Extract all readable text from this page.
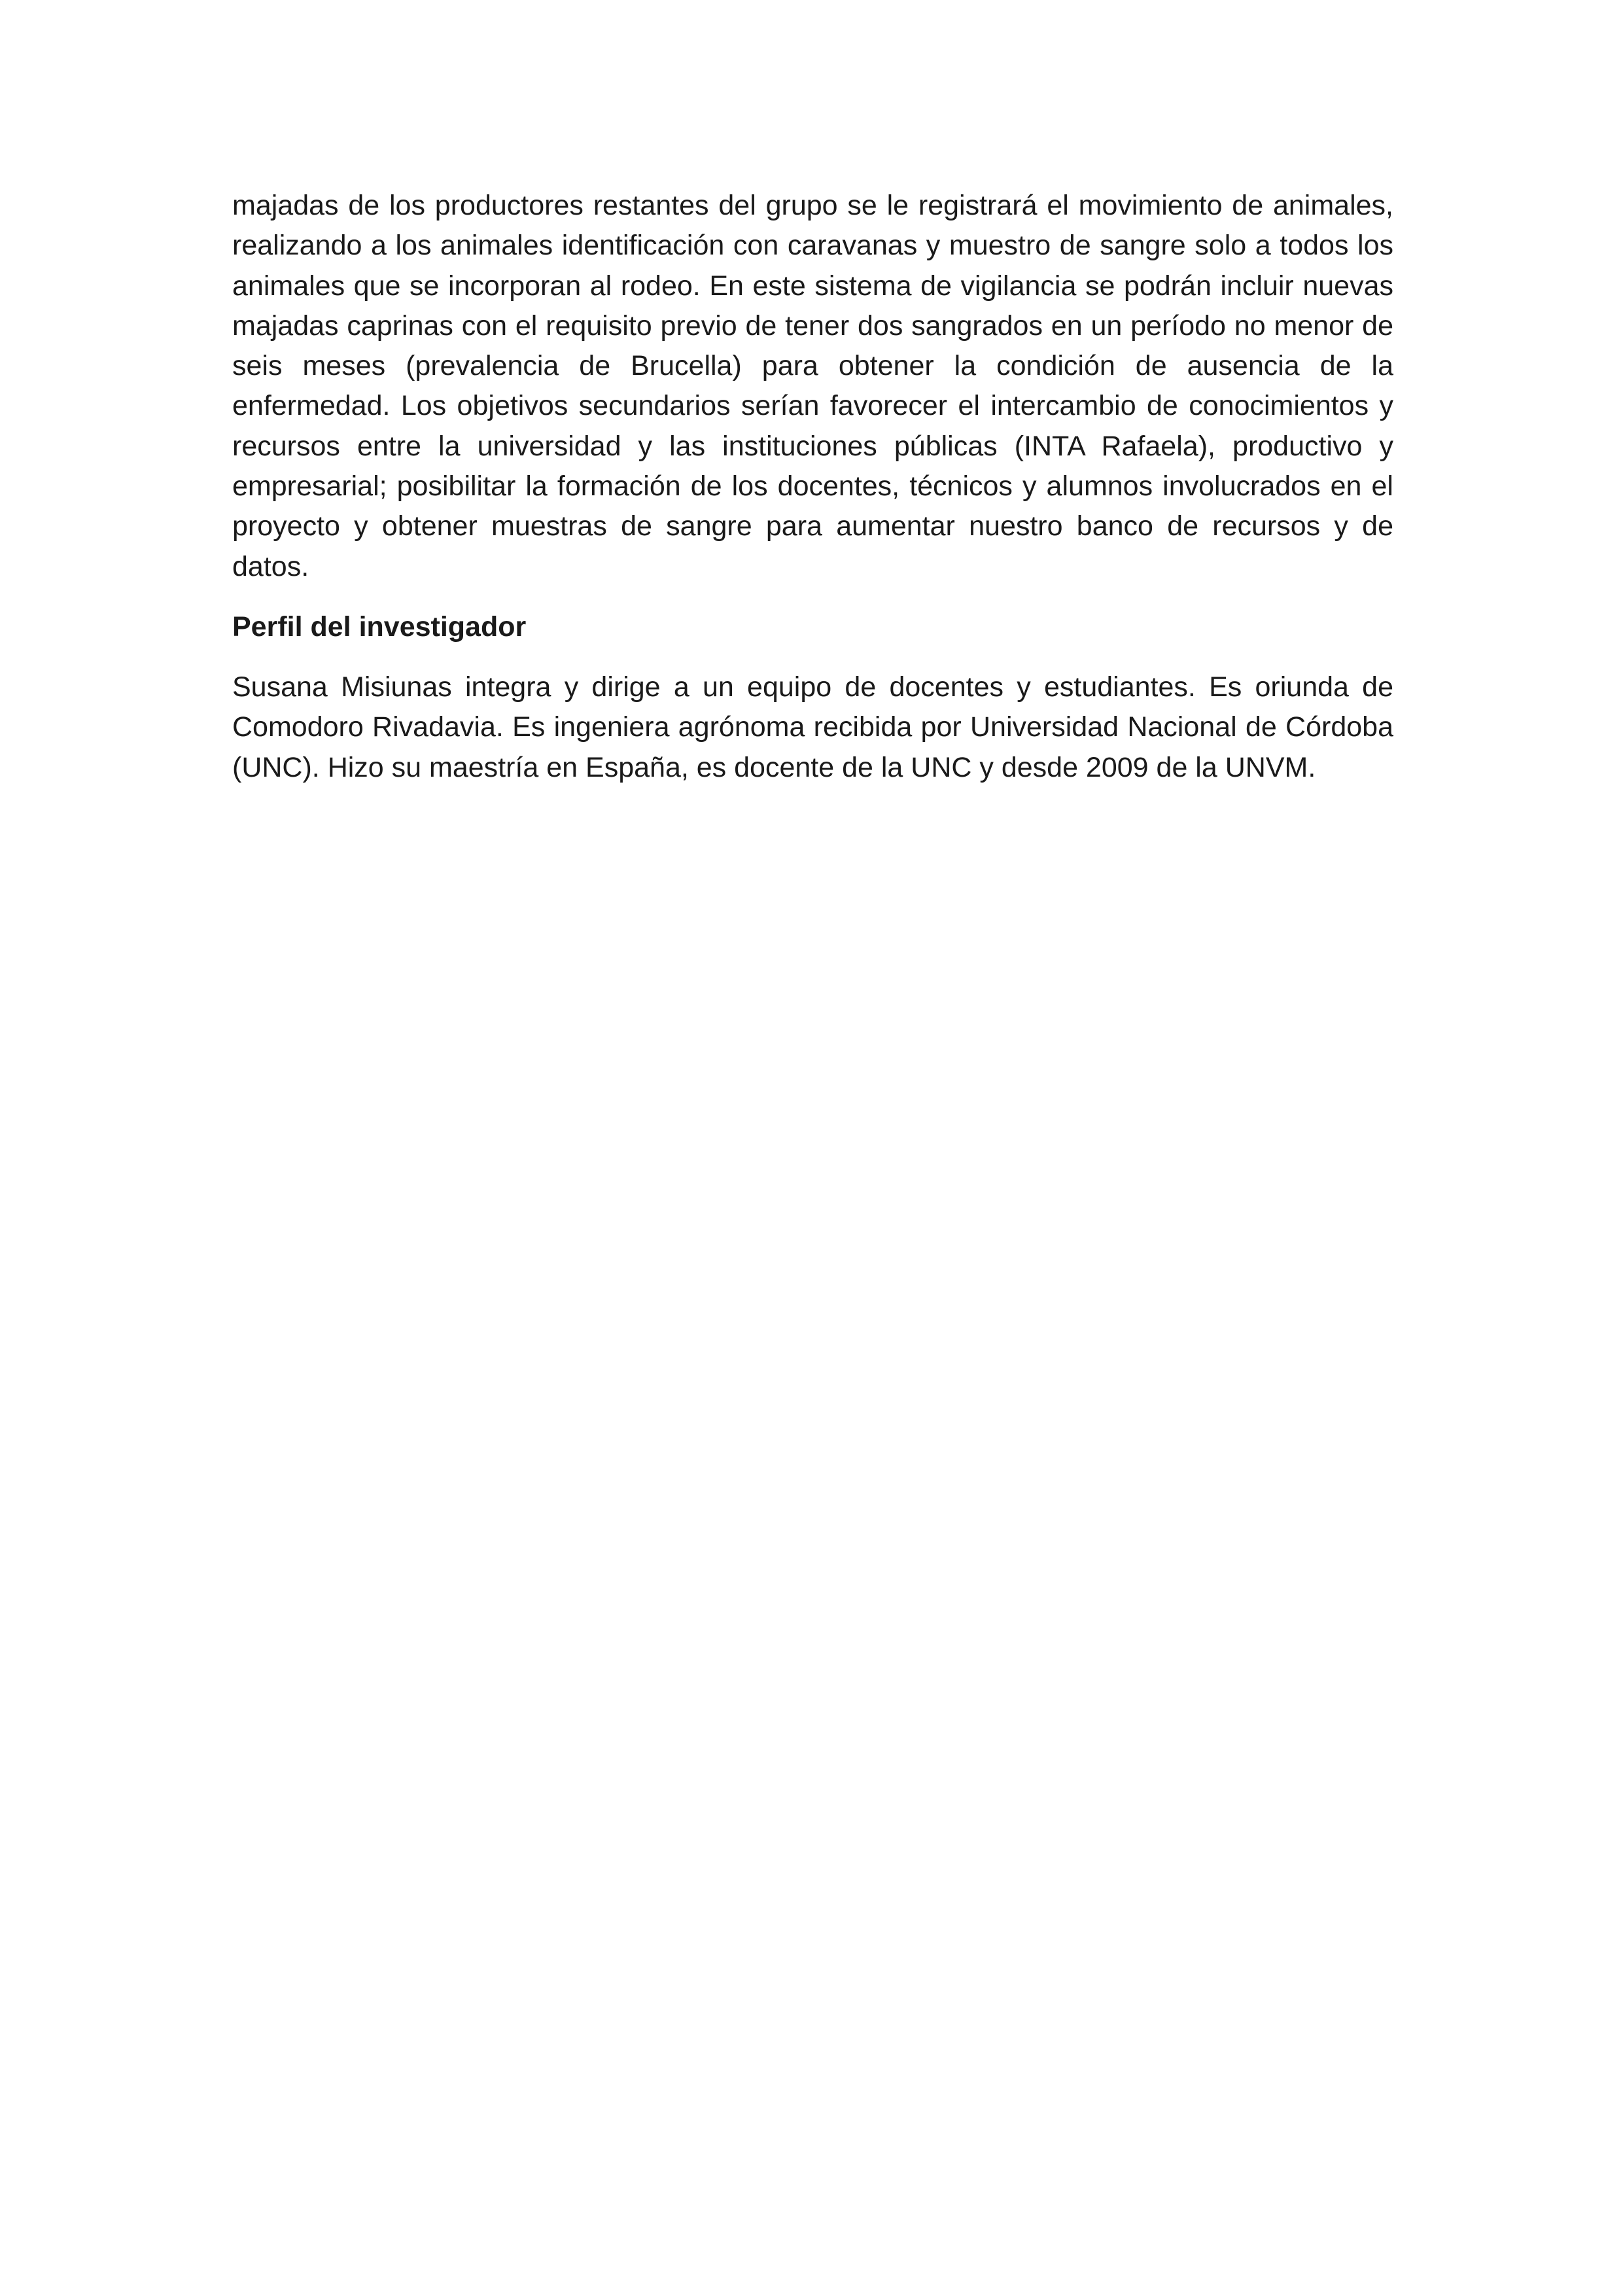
majadas de los productores restantes del grupo se le registrará el movimiento de animales, realizando a los animales identificación con caravanas y muestro de sangre solo a todos los animales que se incorporan al rodeo. En este sistema de vigilancia se podrán incluir nuevas majadas caprinas con el requisito previo de tener dos sangrados en un período no menor de seis meses (prevalencia de Brucella) para obtener la condición de ausencia de la enfermedad. Los objetivos secundarios serían favorecer el intercambio de conocimientos y recursos entre la universidad y las instituciones públicas (INTA Rafaela), productivo y empresarial; posibilitar la formación de los docentes, técnicos y alumnos involucrados en el proyecto y obtener muestras de sangre para aumentar nuestro banco de recursos y de datos.

Perfil del investigador

Susana Misiunas integra y dirige a un equipo de docentes y estudiantes. Es oriunda de Comodoro Rivadavia. Es ingeniera agrónoma recibida por Universidad Nacional de Córdoba (UNC). Hizo su maestría en España, es docente de la UNC y desde 2009 de la UNVM.
